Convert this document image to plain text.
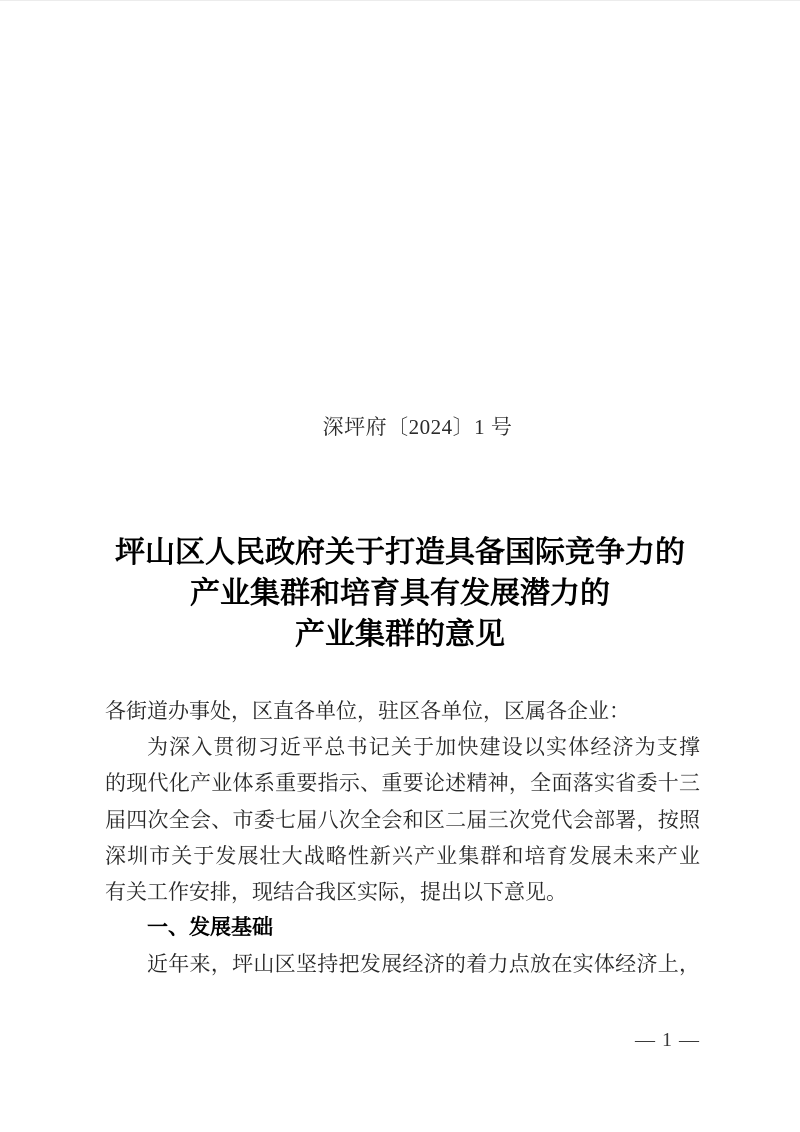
深坪府〔2024〕1 号
坪山区人民政府关于打造具备国际竞争力的
产业集群和培育具有发展潜力的
产业集群的意见
各街道办事处，区直各单位，驻区各单位，区属各企业：
为深入贯彻习近平总书记关于加快建设以实体经济为支撑
的现代化产业体系重要指示、重要论述精神，全面落实省委十三
届四次全会、市委七届八次全会和区二届三次党代会部署，按照
深圳市关于发展壮大战略性新兴产业集群和培育发展未来产业
有关工作安排，现结合我区实际，提出以下意见。
一、发展基础
近年来，坪山区坚持把发展经济的着力点放在实体经济上，
— 1 —
